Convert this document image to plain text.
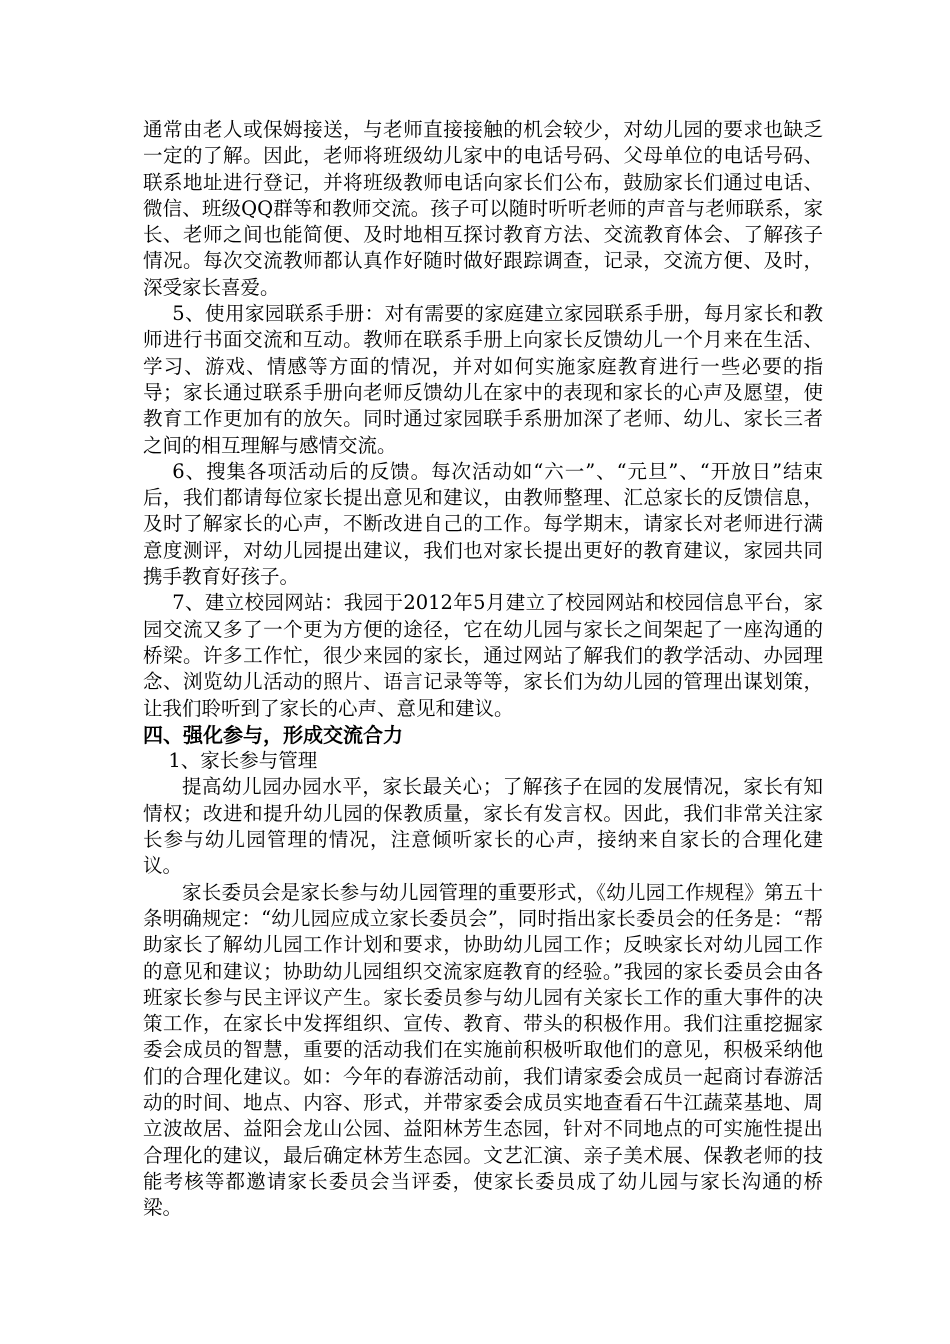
通常由老人或保姆接送，与老师直接接触的机会较少，对幼儿园的要求也缺乏一定的了解。因此，老师将班级幼儿家中的电话号码、父母单位的电话号码、联系地址进行登记，并将班级教师电话向家长们公布，鼓励家长们通过电话、微信、班级QQ群等和教师交流。孩子可以随时听听老师的声音与老师联系，家长、老师之间也能简便、及时地相互探讨教育方法、交流教育体会、了解孩子情况。每次交流教师都认真作好随时做好跟踪调查，记录，交流方便、及时，深受家长喜爱。

5、使用家园联系手册：对有需要的家庭建立家园联系手册，每月家长和教师进行书面交流和互动。教师在联系手册上向家长反馈幼儿一个月来在生活、学习、游戏、情感等方面的情况，并对如何实施家庭教育进行一些必要的指导；家长通过联系手册向老师反馈幼儿在家中的表现和家长的心声及愿望，使教育工作更加有的放矢。同时通过家园联手系册加深了老师、幼儿、家长三者之间的相互理解与感情交流。

6、搜集各项活动后的反馈。每次活动如“六一”、“元旦”、“开放日”结束后，我们都请每位家长提出意见和建议，由教师整理、汇总家长的反馈信息，及时了解家长的心声，不断改进自己的工作。每学期末，请家长对老师进行满意度测评，对幼儿园提出建议，我们也对家长提出更好的教育建议，家园共同携手教育好孩子。

7、建立校园网站：我园于2012年5月建立了校园网站和校园信息平台，家园交流又多了一个更为方便的途径，它在幼儿园与家长之间架起了一座沟通的桥梁。许多工作忙，很少来园的家长，通过网站了解我们的教学活动、办园理念、浏览幼儿活动的照片、语言记录等等，家长们为幼儿园的管理出谋划策，让我们聆听到了家长的心声、意见和建议。

四、强化参与，形成交流合力

1、家长参与管理

提高幼儿园办园水平，家长最关心；了解孩子在园的发展情况，家长有知情权；改进和提升幼儿园的保教质量，家长有发言权。因此，我们非常关注家长参与幼儿园管理的情况，注意倾听家长的心声，接纳来自家长的合理化建议。

家长委员会是家长参与幼儿园管理的重要形式，《幼儿园工作规程》第五十条明确规定：“幼儿园应成立家长委员会”，同时指出家长委员会的任务是：“帮助家长了解幼儿园工作计划和要求，协助幼儿园工作；反映家长对幼儿园工作的意见和建议；协助幼儿园组织交流家庭教育的经验。”我园的家长委员会由各班家长参与民主评议产生。家长委员参与幼儿园有关家长工作的重大事件的决策工作，在家长中发挥组织、宣传、教育、带头的积极作用。我们注重挖掘家委会成员的智慧，重要的活动我们在实施前积极听取他们的意见，积极采纳他们的合理化建议。如：今年的春游活动前，我们请家委会成员一起商讨春游活动的时间、地点、内容、形式，并带家委会成员实地查看石牛江蔬菜基地、周立波故居、益阳会龙山公园、益阳林芳生态园，针对不同地点的可实施性提出合理化的建议，最后确定林芳生态园。文艺汇演、亲子美术展、保教老师的技能考核等都邀请家长委员会当评委，使家长委员成了幼儿园与家长沟通的桥梁。
